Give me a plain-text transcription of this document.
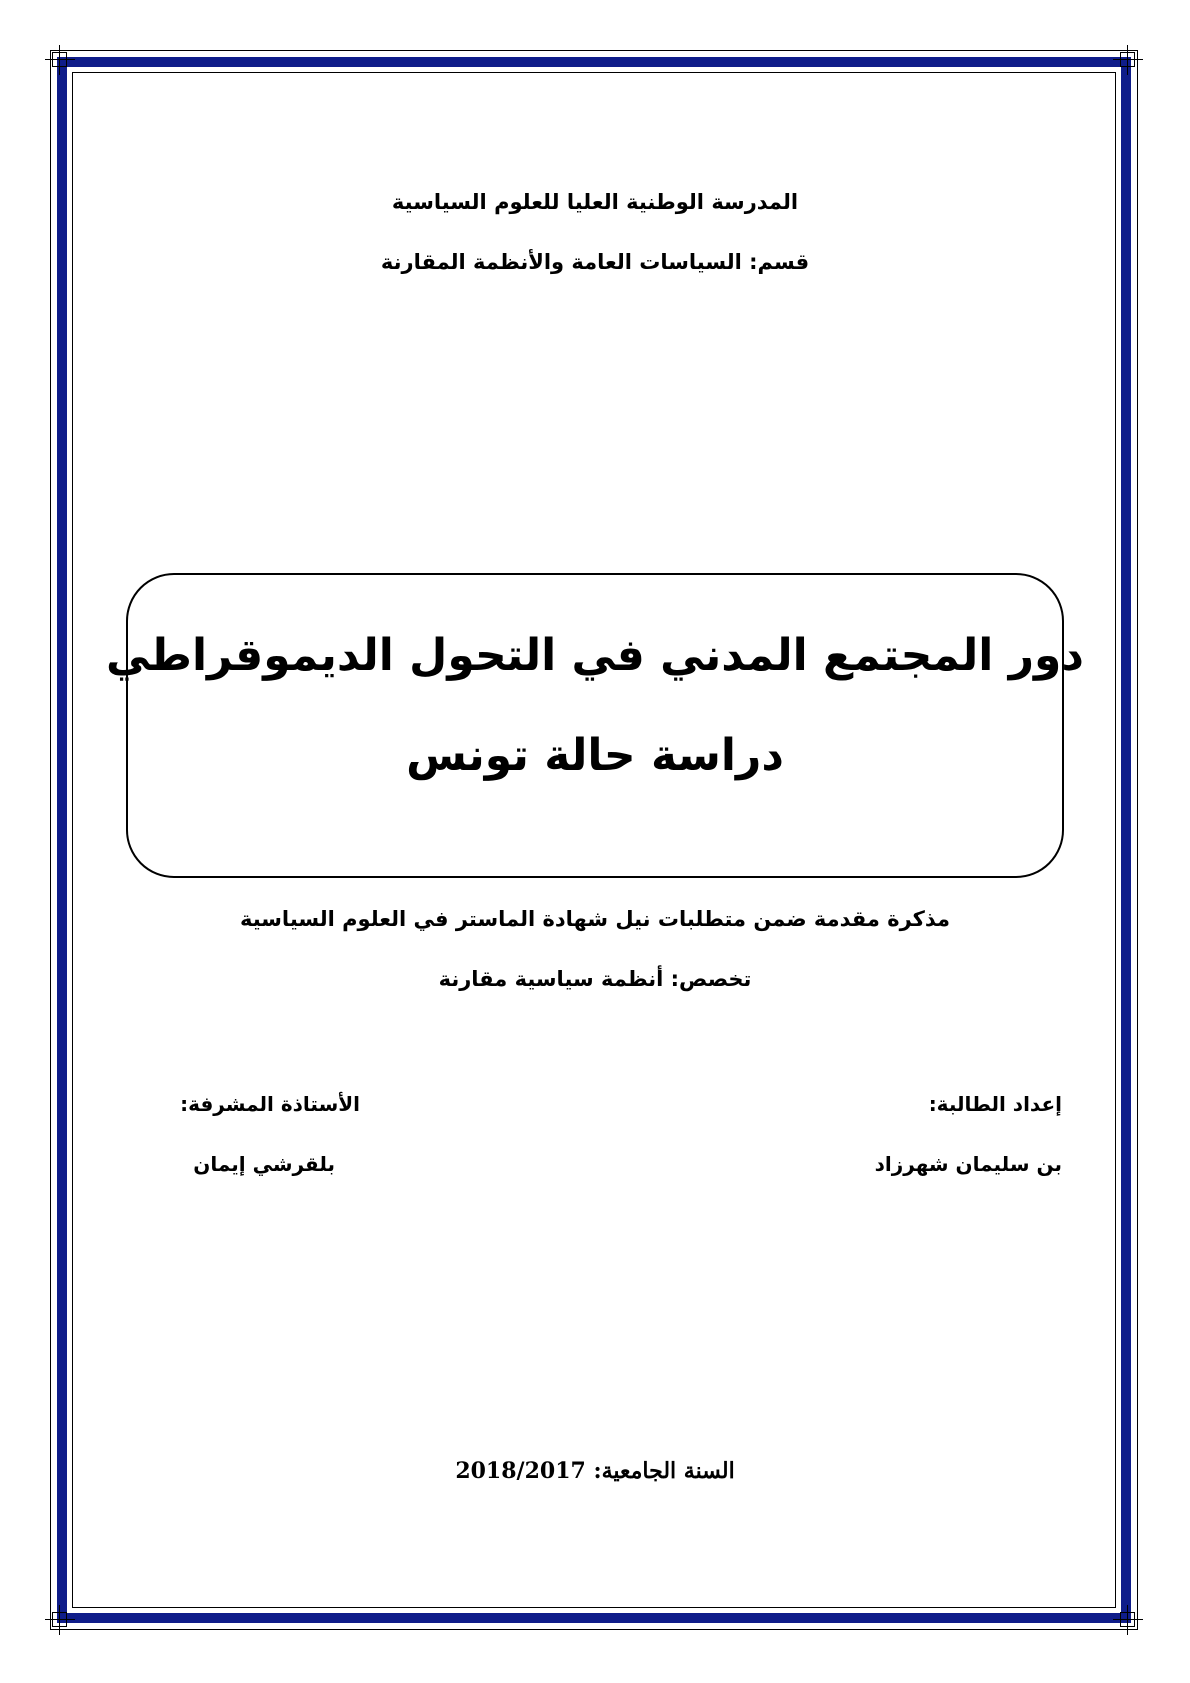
المدرسة الوطنية العليا للعلوم السياسية
قسم: السياسات العامة والأنظمة المقارنة
دور المجتمع المدني في التحول الديموقراطي
دراسة حالة تونس
مذكرة مقدمة ضمن متطلبات نيل شهادة الماستر في العلوم السياسية
تخصص: أنظمة سياسية مقارنة
إعداد الطالبة:
بن سليمان شهرزاد
الأستاذة المشرفة:
بلقرشي إيمان
السنة الجامعية: 2018/2017
